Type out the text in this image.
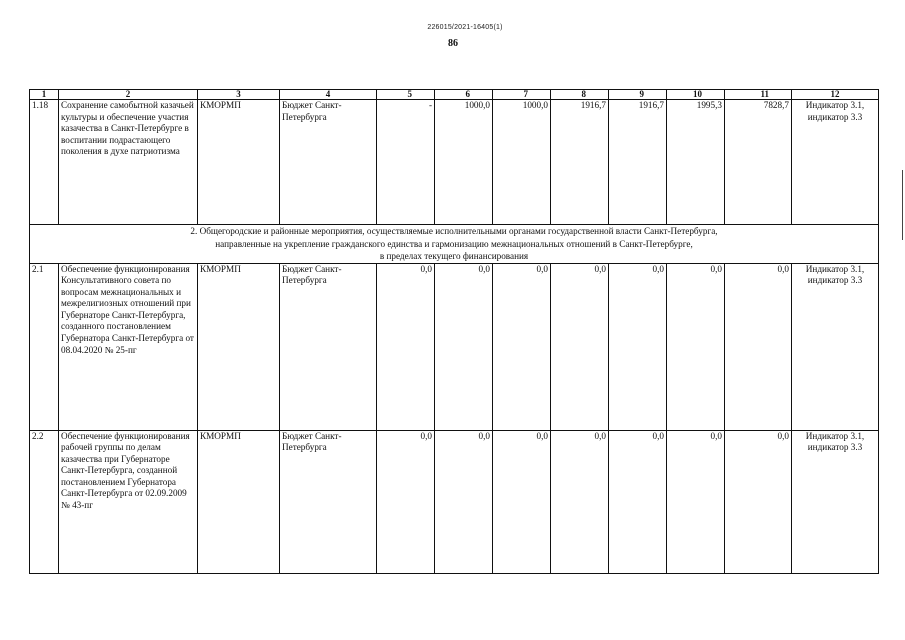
226015/2021-16405(1)
86
1	2	3	4	5	6	7	8	9	10	11	12
1.18	Сохранение самобытной казачьей культуры и обеспечение участия казачества в Санкт-Петербурге в воспитании подрастающего поколения в духе патриотизма	КМОРМП	Бюджет Санкт-Петербурга	-	1000,0	1000,0	1916,7	1916,7	1995,3	7828,7	Индикатор 3.1, индикатор 3.3

2. Общегородские и районные мероприятия, осуществляемые исполнительными органами государственной власти Санкт-Петербурга,
направленные на укрепление гражданского единства и гармонизацию межнациональных отношений в Санкт-Петербурге,
в пределах текущего финансирования											

2.1	Обеспечение функционирования Консультативного совета по вопросам межнациональных и межрелигиозных отношений при Губернаторе Санкт-Петербурга, созданного постановлением Губернатора Санкт-Петербурга от 08.04.2020 № 25-пг	КМОРМП	Бюджет Санкт-Петербурга	0,0	0,0	0,0	0,0	0,0	0,0	0,0	Индикатор 3.1, индикатор 3.3
2.2	Обеспечение функционирования рабочей группы по делам казачества при Губернаторе Санкт-Петербурга, созданной постановлением Губернатора Санкт-Петербурга от 02.09.2009 № 43-пг	КМОРМП	Бюджет Санкт-Петербурга	0,0	0,0	0,0	0,0	0,0	0,0	0,0	Индикатор 3.1, индикатор 3.3
